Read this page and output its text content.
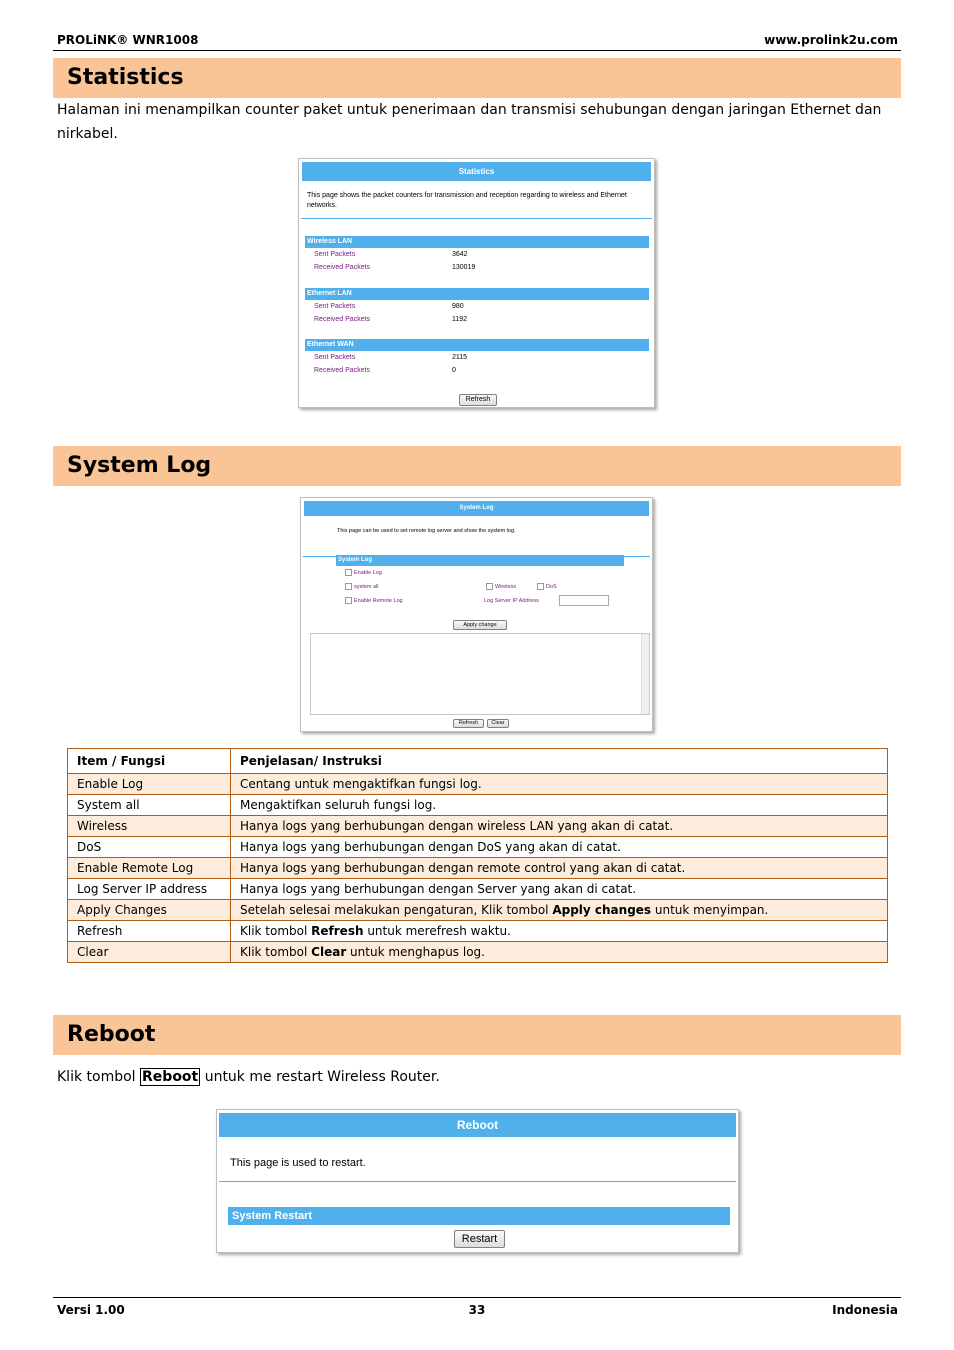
PROLiNK® WNR1008	www.prolink2u.com
Statistics
Halaman ini menampilkan counter paket untuk penerimaan dan transmisi sehubungan dengan jaringan Ethernet dan nirkabel.
Statistics
This page shows the packet counters for transmission and reception regarding to wireless and Ethernet networks.
Wireless LAN
Sent Packets	3642
Received Packets	130019
Ethernet LAN
Sent Packets	980
Received Packets	1192
Ethernet WAN
Sent Packets	2115
Received Packets	0
Refresh
System Log
System Log
This page can be used to set remote log server and show the system log.
System Log
Enable Log
system all	Wireless	DoS
Enable Remote Log	Log Server IP Address
Apply change
Refresh	Clear
Item / Fungsi	Penjelasan/ Instruksi
Enable Log	Centang untuk mengaktifkan fungsi log.
System all	Mengaktifkan seluruh fungsi log.
Wireless	Hanya logs yang berhubungan dengan wireless LAN yang akan di catat.
DoS	Hanya logs yang berhubungan dengan DoS yang akan di catat.
Enable Remote Log	Hanya logs yang berhubungan dengan remote control yang akan di catat.
Log Server IP address	Hanya logs yang berhubungan dengan Server yang akan di catat.
Apply Changes	Setelah selesai melakukan pengaturan, Klik tombol Apply changes untuk menyimpan.
Refresh	Klik tombol Refresh untuk merefresh waktu.
Clear	Klik tombol Clear untuk menghapus log.
Reboot
Klik tombol Reboot untuk me restart Wireless Router.
Reboot
This page is used to restart.
System Restart
Restart
Versi 1.00	33	Indonesia
